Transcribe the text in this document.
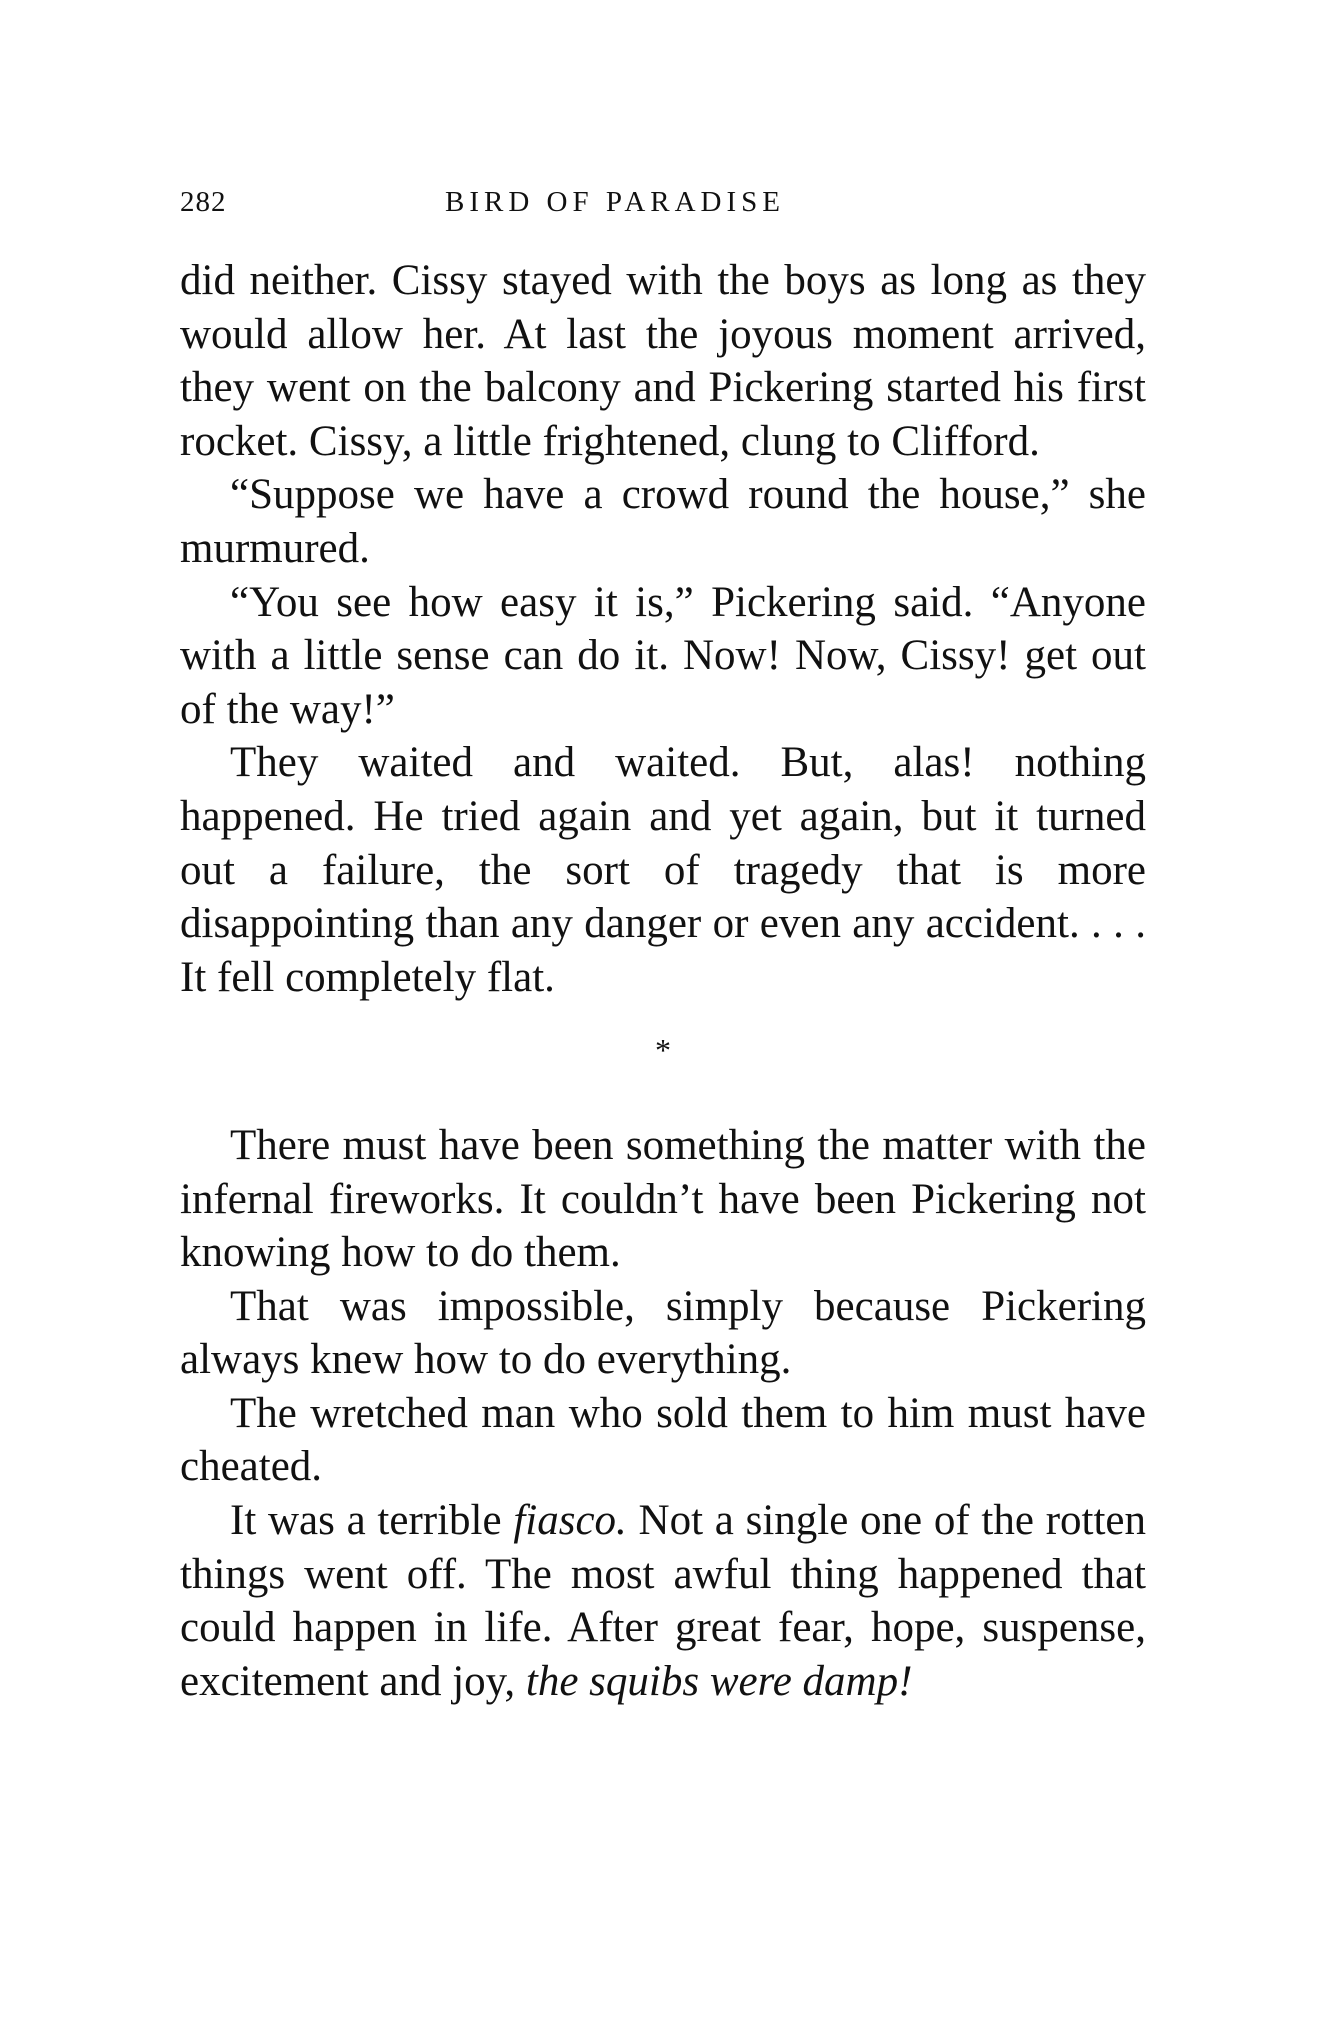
282	BIRD OF PARADISE

did neither. Cissy stayed with the boys as long as they would allow her. At last the joyous moment arrived, they went on the balcony and Pickering started his first rocket. Cissy, a little frightened, clung to Clifford.

“Suppose we have a crowd round the house,” she murmured.

“You see how easy it is,” Pickering said. “Anyone with a little sense can do it. Now! Now, Cissy! get out of the way!”

They waited and waited. But, alas! nothing happened. He tried again and yet again, but it turned out a failure, the sort of tragedy that is more disappointing than any danger or even any accident. . . . It fell completely flat.

*

There must have been something the matter with the infernal fireworks. It couldn’t have been Pickering not knowing how to do them.

That was impossible, simply because Pickering always knew how to do everything.

The wretched man who sold them to him must have cheated.

It was a terrible fiasco. Not a single one of the rotten things went off. The most awful thing happened that could happen in life. After great fear, hope, suspense, excitement and joy, the squibs were damp!
